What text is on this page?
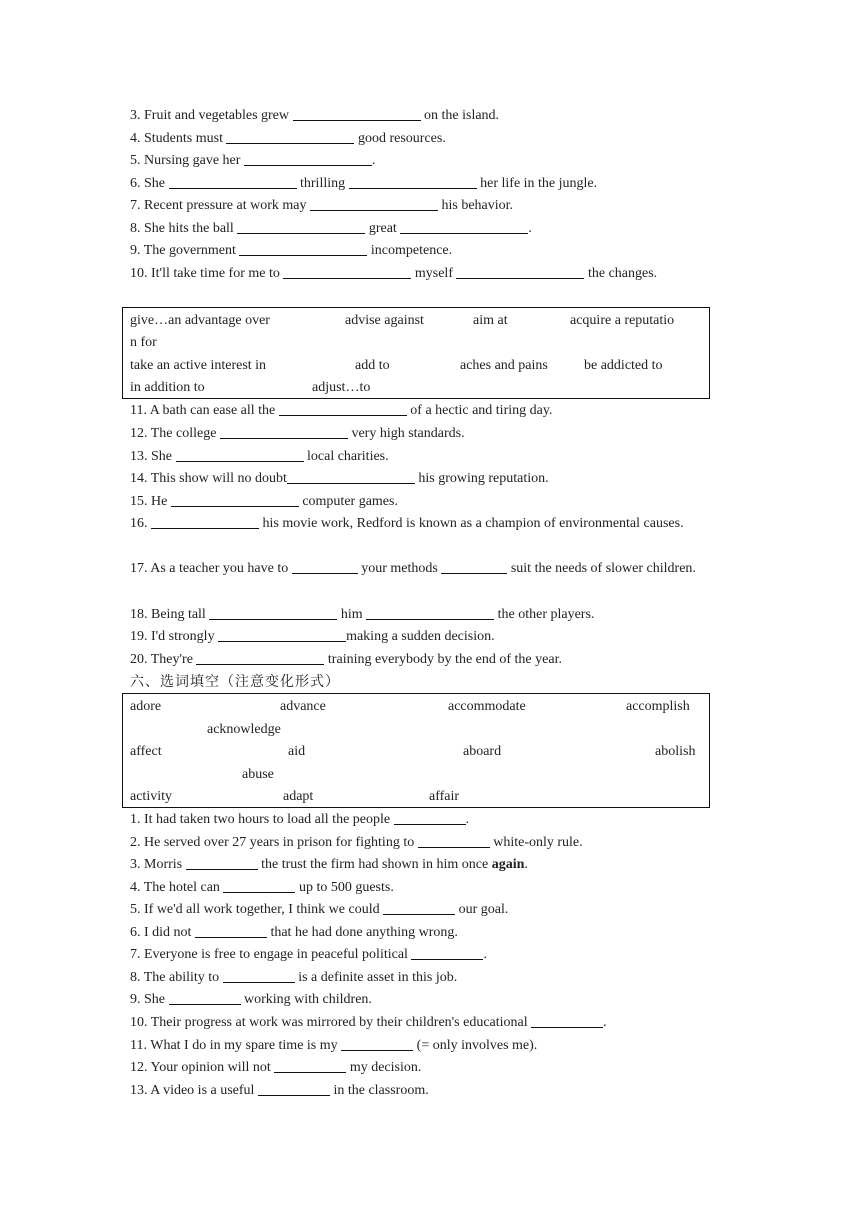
3. Fruit and vegetables grew	on the island.
4. Students must	good resources.
5. Nursing gave her	.
6. She	thrilling	her life in the jungle.
7. Recent pressure at work may	his behavior.
8. She hits the ball	great	.
9. The government	incompetence.
10. It'll take time for me to	myself	the changes.
give…an advantage over	advise against	aim at	acquire a reputatio
n for
take an active interest in	add to	aches and pains	be addicted to
in addition to	adjust…to
11. A bath can ease all the	of a hectic and tiring day.
12. The college	very high standards.
13. She	local charities.
14. This show will no doubt	his growing reputation.
15. He	computer games.
16.	his movie work, Redford is known as a champion of environmental causes.
17. As a teacher you have to	your methods	suit the needs of slower children.
18. Being tall	him	the other players.
19. I'd strongly	making a sudden decision.
20. They're	training everybody by the end of the year.
六、选词填空（注意变化形式）
adore	advance	accommodate	accomplish
acknowledge
affect	aid	aboard	abolish
abuse
activity	adapt	affair
1. It had taken two hours to load all the people	.
2. He served over 27 years in prison for fighting to	white-only rule.
3. Morris	the trust the firm had shown in him once again.
4. The hotel can	up to 500 guests.
5. If we'd all work together, I think we could	our goal.
6. I did not	that he had done anything wrong.
7. Everyone is free to engage in peaceful political	.
8. The ability to	is a definite asset in this job.
9. She	working with children.
10. Their progress at work was mirrored by their children's educational	.
11. What I do in my spare time is my	(= only involves me).
12. Your opinion will not	my decision.
13. A video is a useful	in the classroom.
